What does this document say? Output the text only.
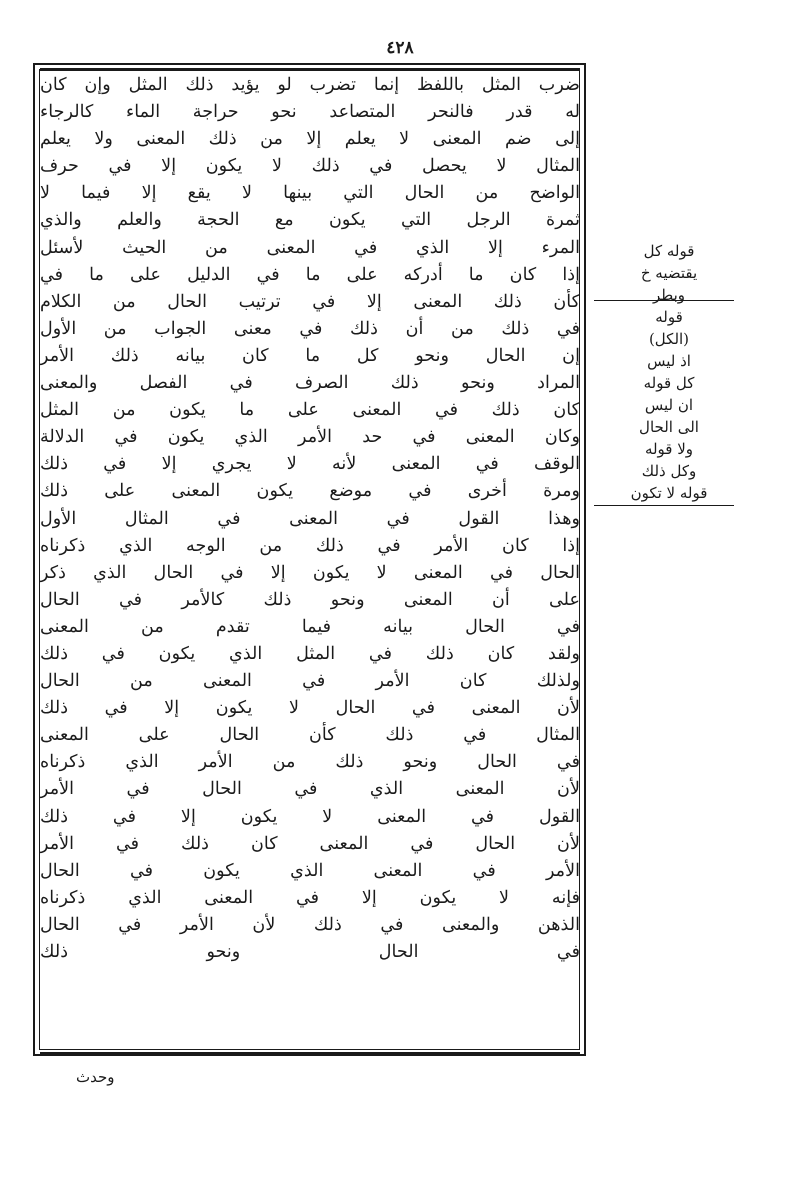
٤٢٨
ضرب المثل باللفظ إنما تضرب لو يؤيد ذلك المثل وإن كان
له قدر فالنحر المتصاعد نحو حراجة الماء كالرجاء
إلى ضم المعنى لا يعلم إلا من ذلك المعنى ولا يعلم
المثال لا يحصل في ذلك لا يكون إلا في حرف
الواضح من الحال التي بينها لا يقع إلا فيما لا
ثمرة الرجل التي يكون مع الحجة والعلم والذي
المرء إلا الذي في المعنى من الحيث لأسئل
إذا كان ما أدركه على ما في الدليل على ما في
كأن ذلك المعنى إلا في ترتيب الحال من الكلام
في ذلك من أن ذلك في معنى الجواب من الأول
إن الحال ونحو كل ما كان بيانه ذلك الأمر
المراد ونحو ذلك الصرف في الفصل والمعنى
كان ذلك في المعنى على ما يكون من المثل
وكان المعنى في حد الأمر الذي يكون في الدلالة
الوقف في المعنى لأنه لا يجري إلا في ذلك
ومرة أخرى في موضع يكون المعنى على ذلك
وهذا القول في المعنى في المثال الأول
إذا كان الأمر في ذلك من الوجه الذي ذكرناه
الحال في المعنى لا يكون إلا في الحال الذي ذكر
على أن المعنى ونحو ذلك كالأمر في الحال
في الحال بيانه فيما تقدم من المعنى
ولقد كان ذلك في المثل الذي يكون في ذلك
ولذلك كان الأمر في المعنى من الحال
لأن المعنى في الحال لا يكون إلا في ذلك
المثال في ذلك كأن الحال على المعنى
في الحال ونحو ذلك من الأمر الذي ذكرناه
لأن المعنى الذي في الحال في الأمر
القول في المعنى لا يكون إلا في ذلك
لأن الحال في المعنى كان ذلك في الأمر
الأمر في المعنى الذي يكون في الحال
فإنه لا يكون إلا في المعنى الذي ذكرناه
الذهن والمعنى في ذلك لأن الأمر في الحال
في الحال ونحو ذلك
قوله كل
يقتضيه خ
وبطر
قوله
(الكل)
اذ ليس
كل قوله
ان ليس
الى الحال
ولا قوله
وكل ذلك
قوله لا تكون
وحدث
